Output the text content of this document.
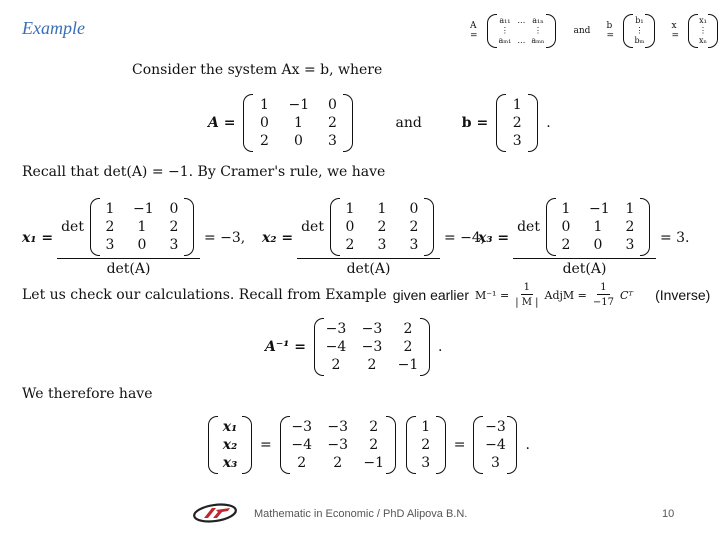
Example	A =
a₁₁ … a₁ₙ
⋮	⋮
aₘ₁ … aₘₙ
and b =
b₁
⋮
bₘ
x =
x₁
⋮
xₙ
Consider the system Ax = b, where
A =
1	−1	0
0	1	2
2	0	3
and	b =
1
2
3
.
Recall that det(A) = −1. By Cramer's rule, we have
x₁ = det
1	−1	0
2	1	2
3	0	3
det(A) = −3, x₂ = det
1	1	0
0	2	2
2	3	3
det(A) = −4,
x₃ = det
1	−1	1
0	1	2
2	0	3
det(A) = 3.
Let us check our calculations. Recall from Example given earlier $M^{-1} = \frac{1}{| M |}$ AdjM = $\frac{1}{-17}$ Cᵀ (Inverse)
A⁻¹ =
−3 −3	2
−4 −3	2
2	2	−1
.
We therefore have
x₁
x₂
x₃
=
−3 −3	2
−4 −3	2
2	2	−1
1
2
3
=
−3
−4
3
.
Mathematic in Economic / PhD Alipova B.N.	10
